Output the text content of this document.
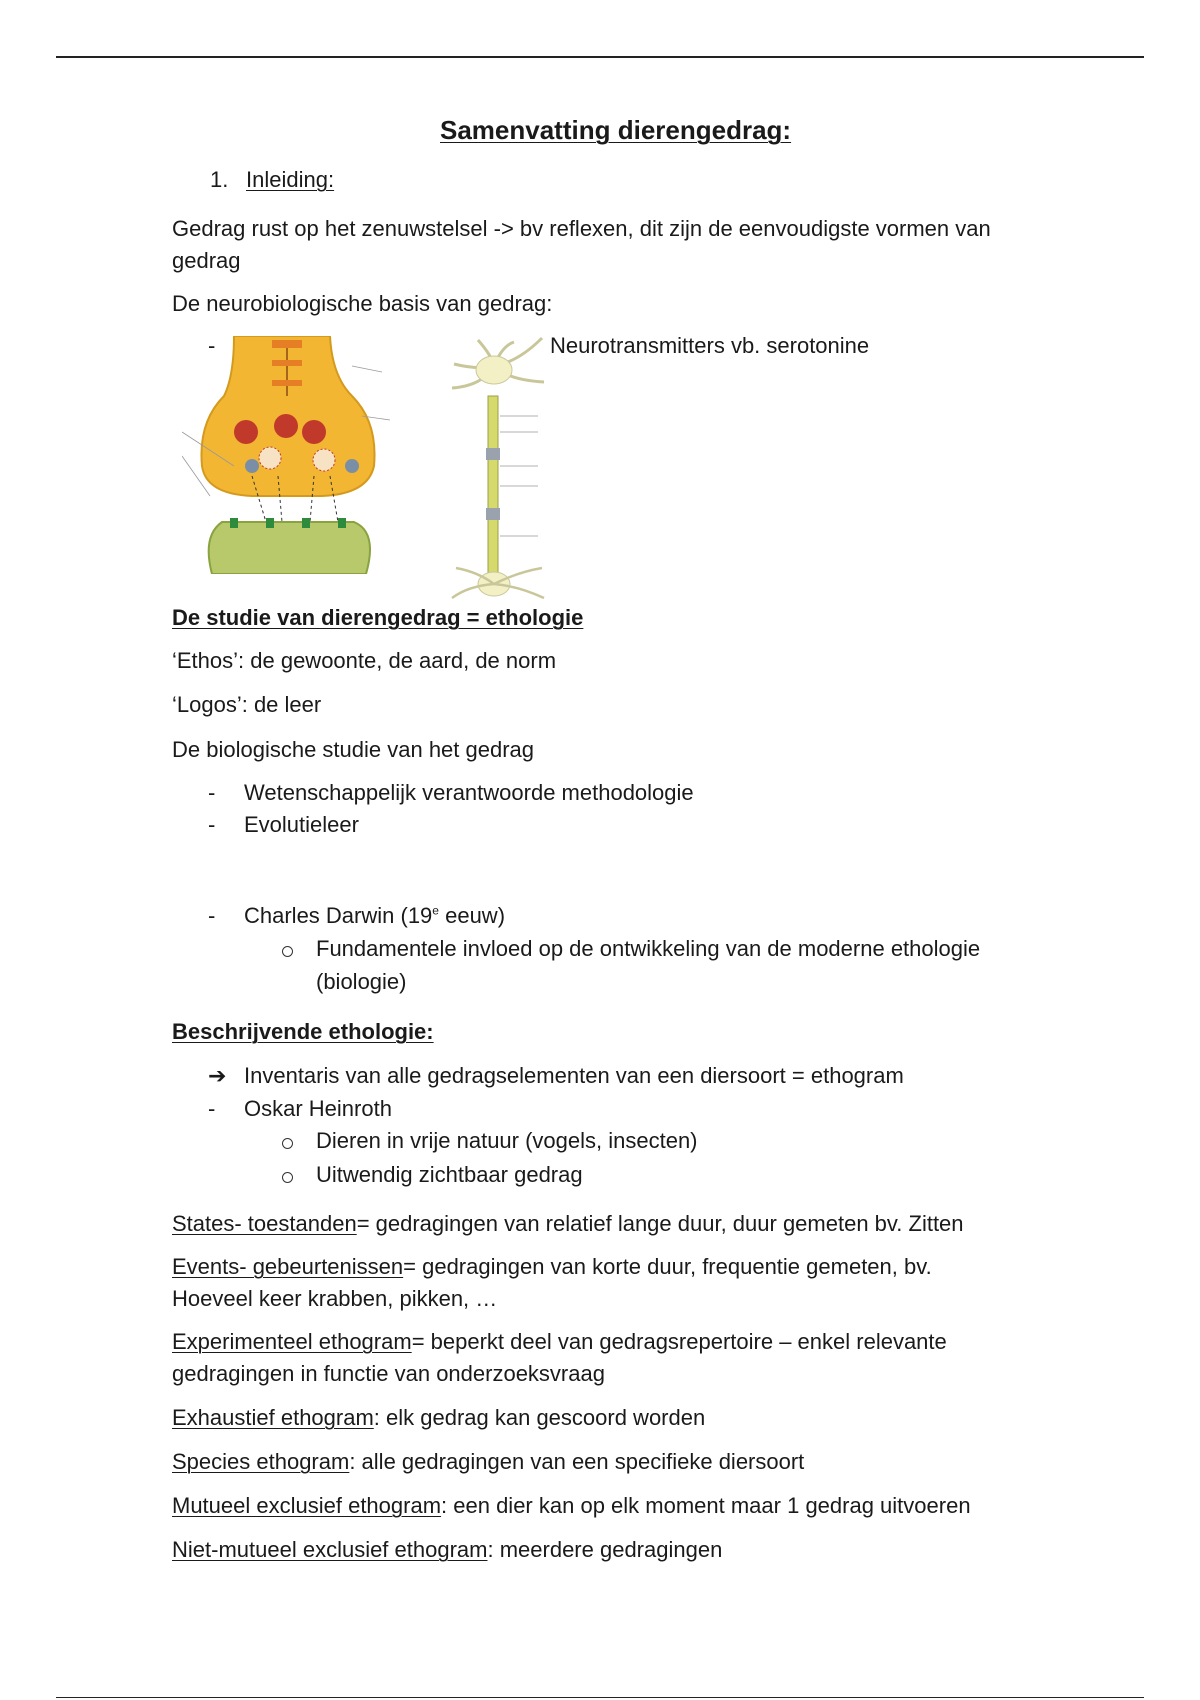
Samenvatting dierengedrag:
1. Inleiding:
Gedrag rust op het zenuwstelsel -> bv reflexen, dit zijn de eenvoudigste vormen van
gedrag
De neurobiologische basis van gedrag:
-	Neurotransmitters vb. serotonine
De studie van dierengedrag = ethologie
‘Ethos’: de gewoonte, de aard, de norm
‘Logos’: de leer
De biologische studie van het gedrag
- Wetenschappelijk verantwoorde methodologie
- Evolutieleer
- Charles Darwin (19e eeuw)
Fundamentele invloed op de ontwikkeling van de moderne ethologie
(biologie)
Beschrijvende ethologie:
➔ Inventaris van alle gedragselementen van een diersoort = ethogram
- Oskar Heinroth
Dieren in vrije natuur (vogels, insecten)
Uitwendig zichtbaar gedrag
States- toestanden= gedragingen van relatief lange duur, duur gemeten bv. Zitten
Events- gebeurtenissen= gedragingen van korte duur, frequentie gemeten, bv.
Hoeveel keer krabben, pikken, …
Experimenteel ethogram= beperkt deel van gedragsrepertoire – enkel relevante
gedragingen in functie van onderzoeksvraag
Exhaustief ethogram: elk gedrag kan gescoord worden
Species ethogram: alle gedragingen van een specifieke diersoort
Mutueel exclusief ethogram: een dier kan op elk moment maar 1 gedrag uitvoeren
Niet-mutueel exclusief ethogram: meerdere gedragingen
